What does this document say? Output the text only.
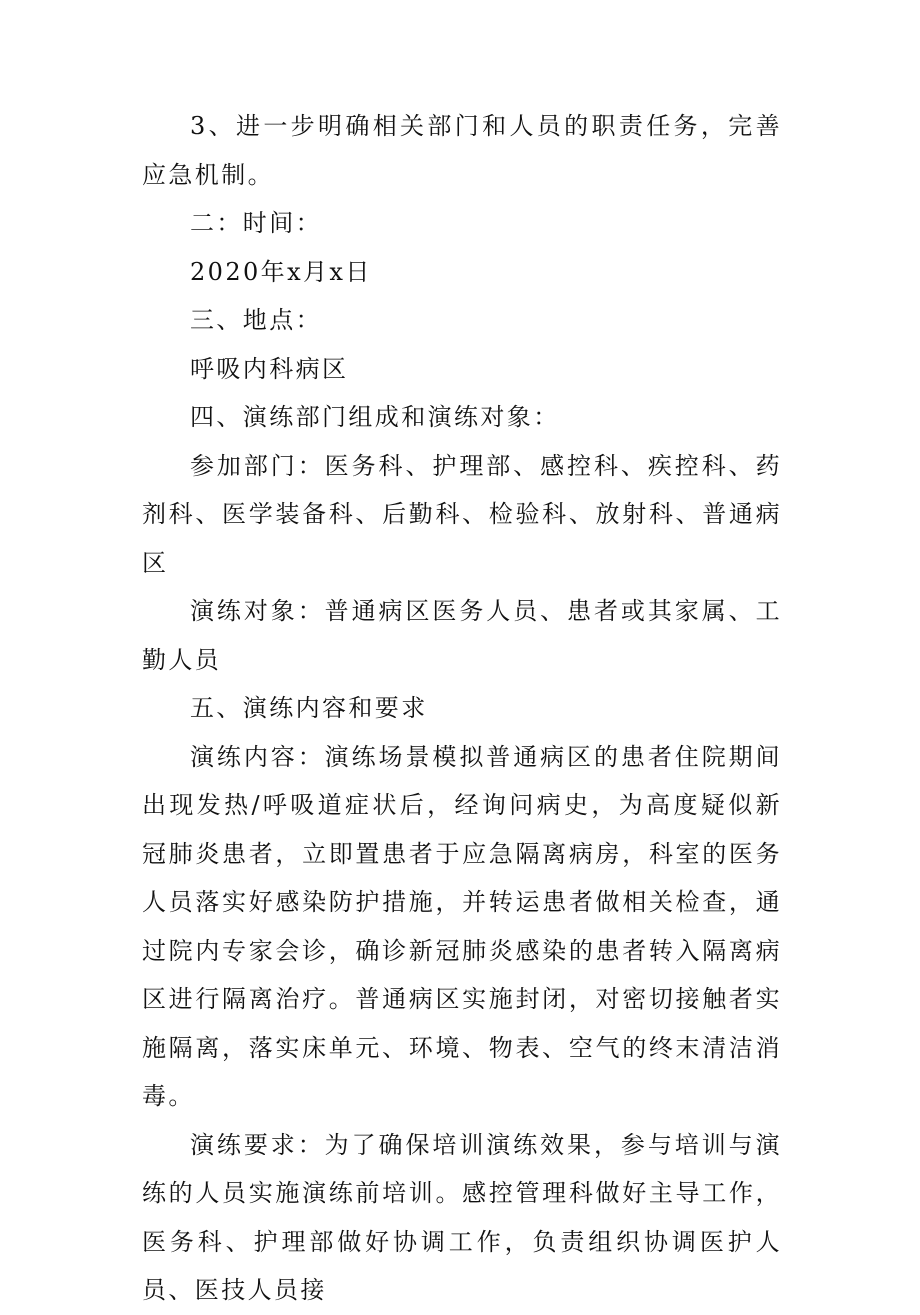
3、进一步明确相关部门和人员的职责任务，完善应急机制。

二：时间：

2020年x月x日

三、地点：

呼吸内科病区

四、演练部门组成和演练对象：

参加部门：医务科、护理部、感控科、疾控科、药剂科、医学装备科、后勤科、检验科、放射科、普通病区

演练对象：普通病区医务人员、患者或其家属、工勤人员

五、演练内容和要求

演练内容：演练场景模拟普通病区的患者住院期间出现发热/呼吸道症状后，经询问病史，为高度疑似新冠肺炎患者，立即置患者于应急隔离病房，科室的医务人员落实好感染防护措施，并转运患者做相关检查，通过院内专家会诊，确诊新冠肺炎感染的患者转入隔离病区进行隔离治疗。普通病区实施封闭，对密切接触者实施隔离，落实床单元、环境、物表、空气的终末清洁消毒。

演练要求：为了确保培训演练效果，参与培训与演练的人员实施演练前培训。感控管理科做好主导工作，医务科、护理部做好协调工作，负责组织协调医护人员、医技人员接
